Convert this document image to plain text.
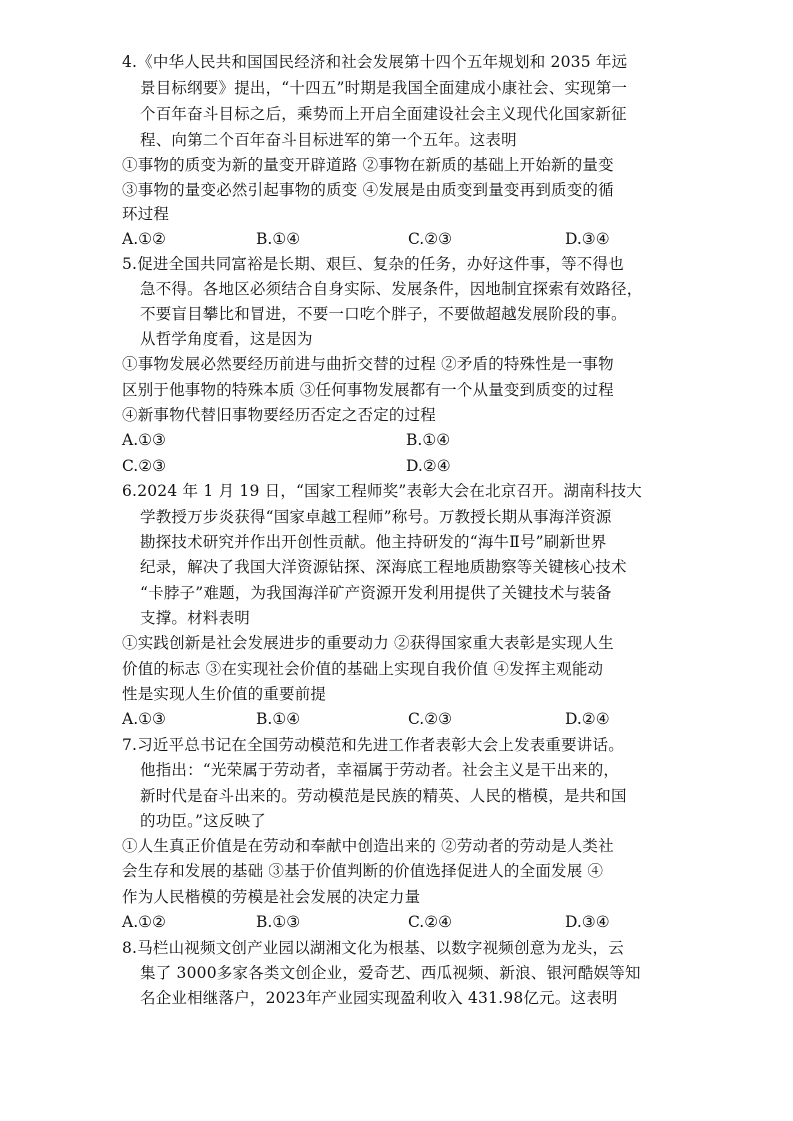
4.《中华人民共和国国民经济和社会发展第十四个五年规划和 2035 年远
景目标纲要》提出，“十四五”时期是我国全面建成小康社会、实现第一
个百年奋斗目标之后，乘势而上开启全面建设社会主义现代化国家新征
程、向第二个百年奋斗目标进军的第一个五年。这表明
①事物的质变为新的量变开辟道路 ②事物在新质的基础上开始新的量变
③事物的量变必然引起事物的质变 ④发展是由质变到量变再到质变的循
环过程
A.①②	B.①④	C.②③	D.③④
5.促进全国共同富裕是长期、艰巨、复杂的任务，办好这件事，等不得也
急不得。各地区必须结合自身实际、发展条件，因地制宜探索有效路径，
不要盲目攀比和冒进，不要一口吃个胖子，不要做超越发展阶段的事。
从哲学角度看，这是因为
①事物发展必然要经历前进与曲折交替的过程 ②矛盾的特殊性是一事物
区别于他事物的特殊本质 ③任何事物发展都有一个从量变到质变的过程
④新事物代替旧事物要经历否定之否定的过程
A.①③	B.①④
C.②③	D.②④
6.2024 年 1 月 19 日，“国家工程师奖”表彰大会在北京召开。湖南科技大
学教授万步炎获得“国家卓越工程师”称号。万教授长期从事海洋资源
勘探技术研究并作出开创性贡献。他主持研发的“海牛Ⅱ号”刷新世界
纪录，解决了我国大洋资源钻探、深海底工程地质勘察等关键核心技术
“卡脖子”难题，为我国海洋矿产资源开发利用提供了关键技术与装备
支撑。材料表明
①实践创新是社会发展进步的重要动力 ②获得国家重大表彰是实现人生
价值的标志 ③在实现社会价值的基础上实现自我价值 ④发挥主观能动
性是实现人生价值的重要前提
A.①③	B.①④	C.②③	D.②④
7.习近平总书记在全国劳动模范和先进工作者表彰大会上发表重要讲话。
他指出：“光荣属于劳动者，幸福属于劳动者。社会主义是干出来的，
新时代是奋斗出来的。劳动模范是民族的精英、人民的楷模，是共和国
的功臣。”这反映了
①人生真正价值是在劳动和奉献中创造出来的 ②劳动者的劳动是人类社
会生存和发展的基础 ③基于价值判断的价值选择促进人的全面发展 ④
作为人民楷模的劳模是社会发展的决定力量
A.①②	B.①③	C.②④	D.③④
8.马栏山视频文创产业园以湖湘文化为根基、以数字视频创意为龙头，云
集了 3000多家各类文创企业，爱奇艺、西瓜视频、新浪、银河酷娱等知
名企业相继落户，2023年产业园实现盈利收入 431.98亿元。这表明
